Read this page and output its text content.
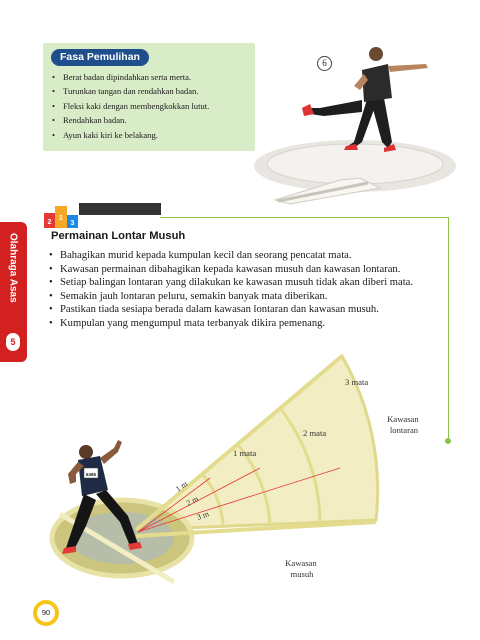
Fasa Pemulihan
• Berat badan dipindahkan serta merta.
• Turunkan tangan dan rendahkan badan.
• Fleksi kaki dengan membengkokkan lutut.
• Rendahkan badan.
• Ayun kaki kiri ke belakang.
6
2
1
3
Olahraga Asas
5
Permainan Lontar Musuh
• Bahagikan murid kepada kumpulan kecil dan seorang pencatat mata.
• Kawasan permainan dibahagikan kepada kawasan musuh dan kawasan lontaran.
• Setiap balingan lontaran yang dilakukan ke kawasan musuh tidak akan diberi mata.
• Semakin jauh lontaran peluru, semakin banyak mata diberikan.
• Pastikan tiada sesiapa berada dalam kawasan lontaran dan kawasan musuh.
• Kumpulan yang mengumpul mata terbanyak dikira pemenang.
1 m
2 m
3 m
1 mata
2 mata
3 mata
6365
Kawasan lontaran
Kawasan musuh
90
